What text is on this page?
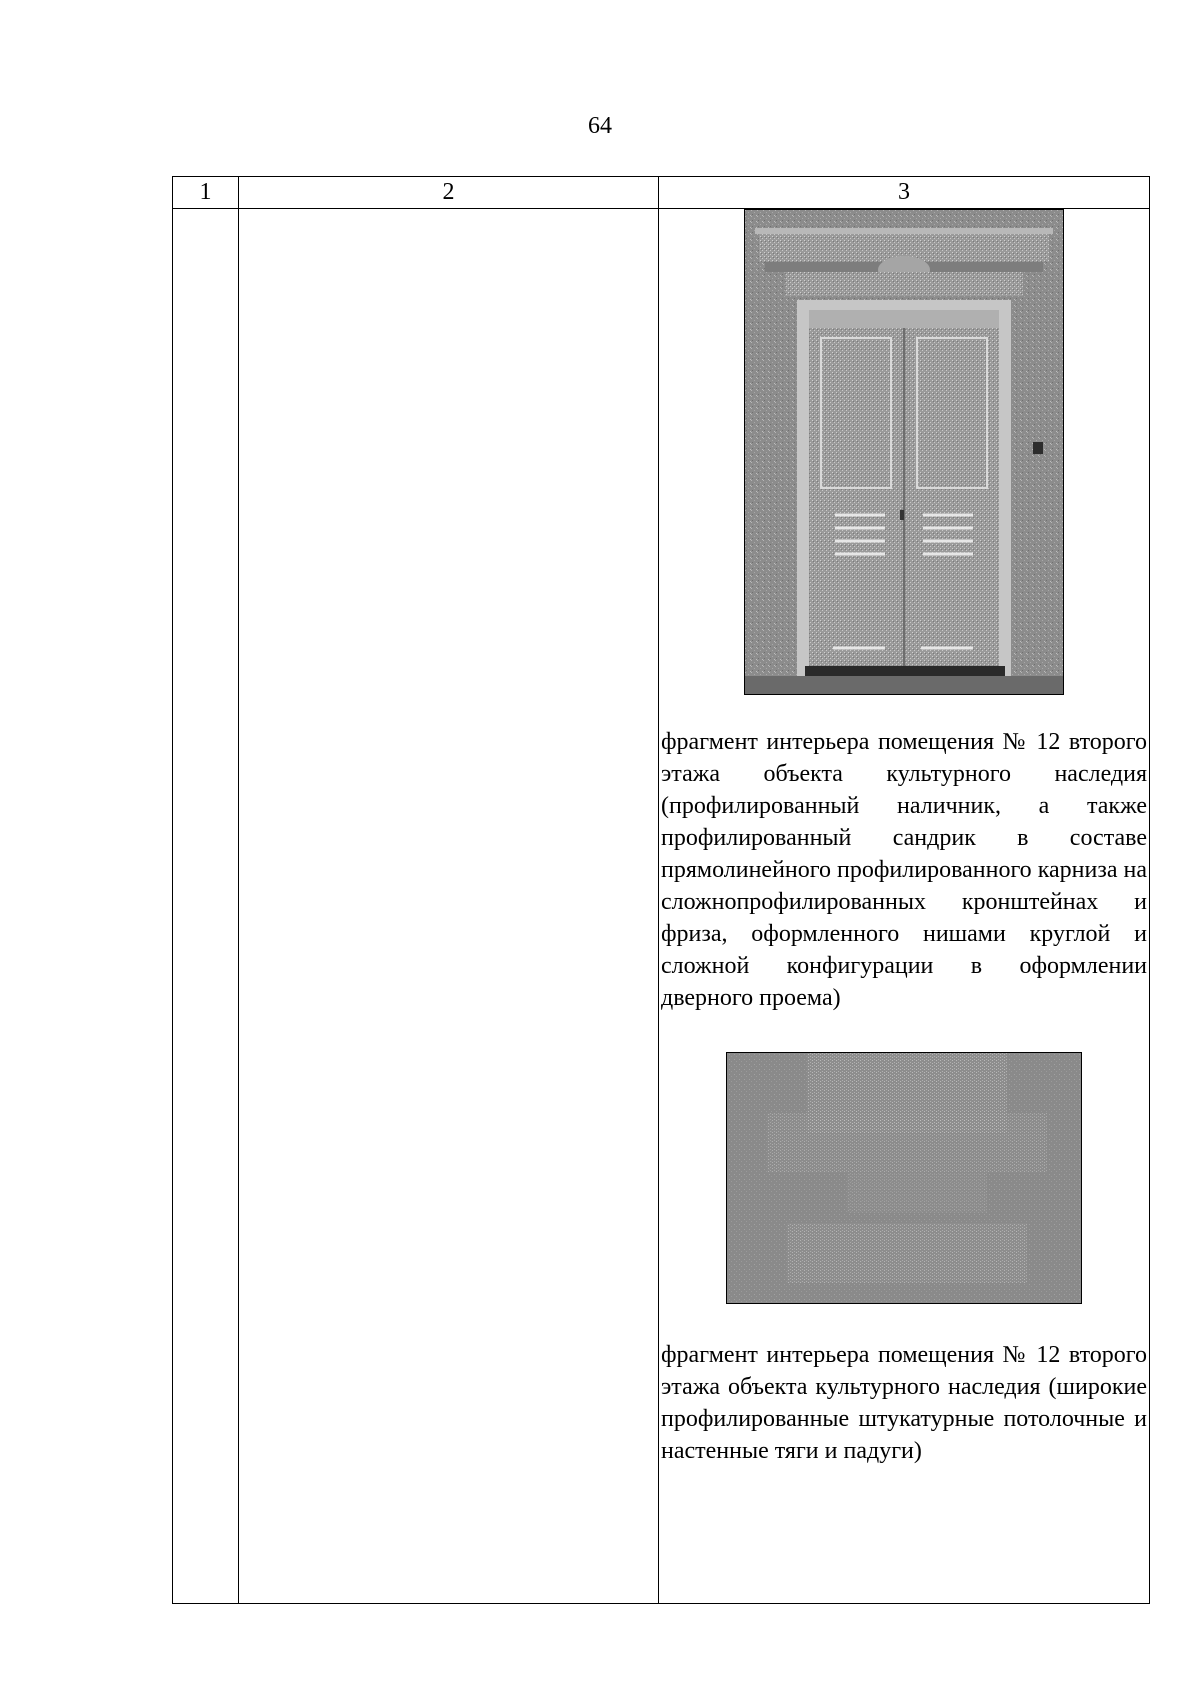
64
1	2	3

		фрагмент интерьера помещения № 12 второго этажа объекта культурного наследия (профилированный наличник, а также профилированный сандрик в составе прямолинейного профилированного карниза на сложнопрофилированных кронштейнах и фриза, оформленного нишами круглой и сложной конфигурации в оформлении дверного проема)

фрагмент интерьера помещения № 12 второго этажа объекта культурного наследия (широкие профилированные штукатурные потолочные и настенные тяги и падуги)
